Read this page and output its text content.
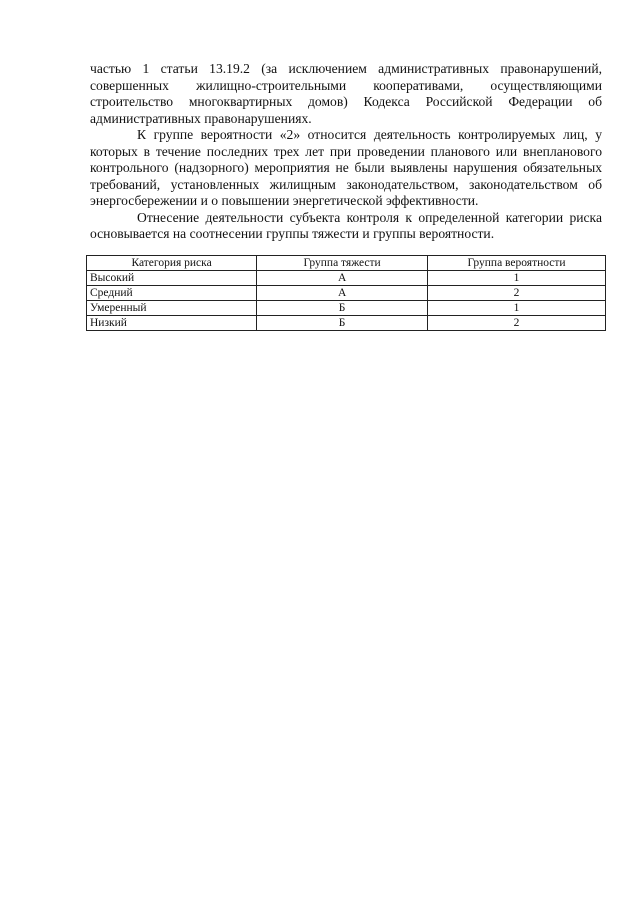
частью 1 статьи 13.19.2 (за исключением административных правонарушений, совершенных жилищно-строительными кооперативами, осуществляющими строительство многоквартирных домов) Кодекса Российской Федерации об административных правонарушениях.

К группе вероятности «2» относится деятельность контролируемых лиц, у которых в течение последних трех лет при проведении планового или внепланового контрольного (надзорного) мероприятия не были выявлены нарушения обязательных требований, установленных жилищным законодательством, законодательством об энергосбережении и о повышении энергетической эффективности.

Отнесение деятельности субъекта контроля к определенной категории риска основывается на соотнесении группы тяжести и группы вероятности.

Категория риска	Группа тяжести	Группа вероятности
Высокий	А	1
Средний	А	2
Умеренный	Б	1
Низкий	Б	2
